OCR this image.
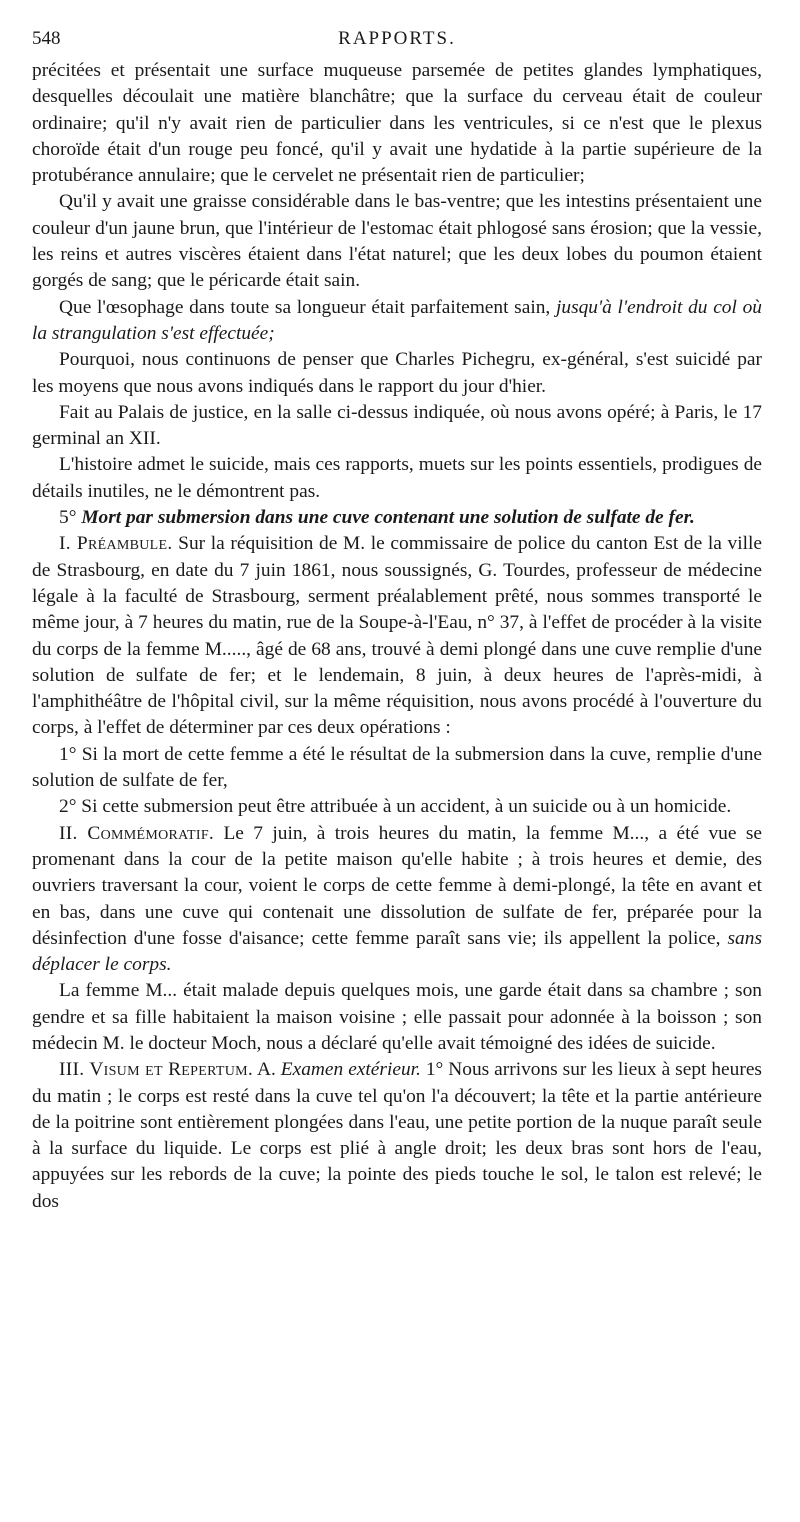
548	RAPPORTS.

précitées et présentait une surface muqueuse parsemée de petites glandes lymphatiques, desquelles découlait une matière blanchâtre; que la surface du cerveau était de couleur ordinaire; qu'il n'y avait rien de particulier dans les ventricules, si ce n'est que le plexus choroïde était d'un rouge peu foncé, qu'il y avait une hydatide à la partie supérieure de la protubérance annulaire; que le cervelet ne présentait rien de particulier;

Qu'il y avait une graisse considérable dans le bas-ventre; que les intestins présentaient une couleur d'un jaune brun, que l'intérieur de l'estomac était phlogosé sans érosion; que la vessie, les reins et autres viscères étaient dans l'état naturel; que les deux lobes du poumon étaient gorgés de sang; que le péricarde était sain.

Que l'œsophage dans toute sa longueur était parfaitement sain, jusqu'à l'endroit du col où la strangulation s'est effectuée;

Pourquoi, nous continuons de penser que Charles Pichegru, ex-général, s'est suicidé par les moyens que nous avons indiqués dans le rapport du jour d'hier.

Fait au Palais de justice, en la salle ci-dessus indiquée, où nous avons opéré; à Paris, le 17 germinal an XII.

L'histoire admet le suicide, mais ces rapports, muets sur les points essentiels, prodigues de détails inutiles, ne le démontrent pas.

5° Mort par submersion dans une cuve contenant une solution de sulfate de fer.

I. Préambule. Sur la réquisition de M. le commissaire de police du canton Est de la ville de Strasbourg, en date du 7 juin 1861, nous soussignés, G. Tourdes, professeur de médecine légale à la faculté de Strasbourg, serment préalablement prêté, nous sommes transporté le même jour, à 7 heures du matin, rue de la Soupe-à-l'Eau, n° 37, à l'effet de procéder à la visite du corps de la femme M....., âgé de 68 ans, trouvé à demi plongé dans une cuve remplie d'une solution de sulfate de fer; et le lendemain, 8 juin, à deux heures de l'après-midi, à l'amphithéâtre de l'hôpital civil, sur la même réquisition, nous avons procédé à l'ouverture du corps, à l'effet de déterminer par ces deux opérations :

1° Si la mort de cette femme a été le résultat de la submersion dans la cuve, remplie d'une solution de sulfate de fer,

2° Si cette submersion peut être attribuée à un accident, à un suicide ou à un homicide.

II. Commémoratif. Le 7 juin, à trois heures du matin, la femme M..., a été vue se promenant dans la cour de la petite maison qu'elle habite ; à trois heures et demie, des ouvriers traversant la cour, voient le corps de cette femme à demi-plongé, la tête en avant et en bas, dans une cuve qui contenait une dissolution de sulfate de fer, préparée pour la désinfection d'une fosse d'aisance; cette femme paraît sans vie; ils appellent la police, sans déplacer le corps.

La femme M... était malade depuis quelques mois, une garde était dans sa chambre ; son gendre et sa fille habitaient la maison voisine ; elle passait pour adonnée à la boisson ; son médecin M. le docteur Moch, nous a déclaré qu'elle avait témoigné des idées de suicide.

III. Visum et Repertum. A. Examen extérieur. 1° Nous arrivons sur les lieux à sept heures du matin ; le corps est resté dans la cuve tel qu'on l'a découvert; la tête et la partie antérieure de la poitrine sont entièrement plongées dans l'eau, une petite portion de la nuque paraît seule à la surface du liquide. Le corps est plié à angle droit; les deux bras sont hors de l'eau, appuyées sur les rebords de la cuve; la pointe des pieds touche le sol, le talon est relevé; le dos
